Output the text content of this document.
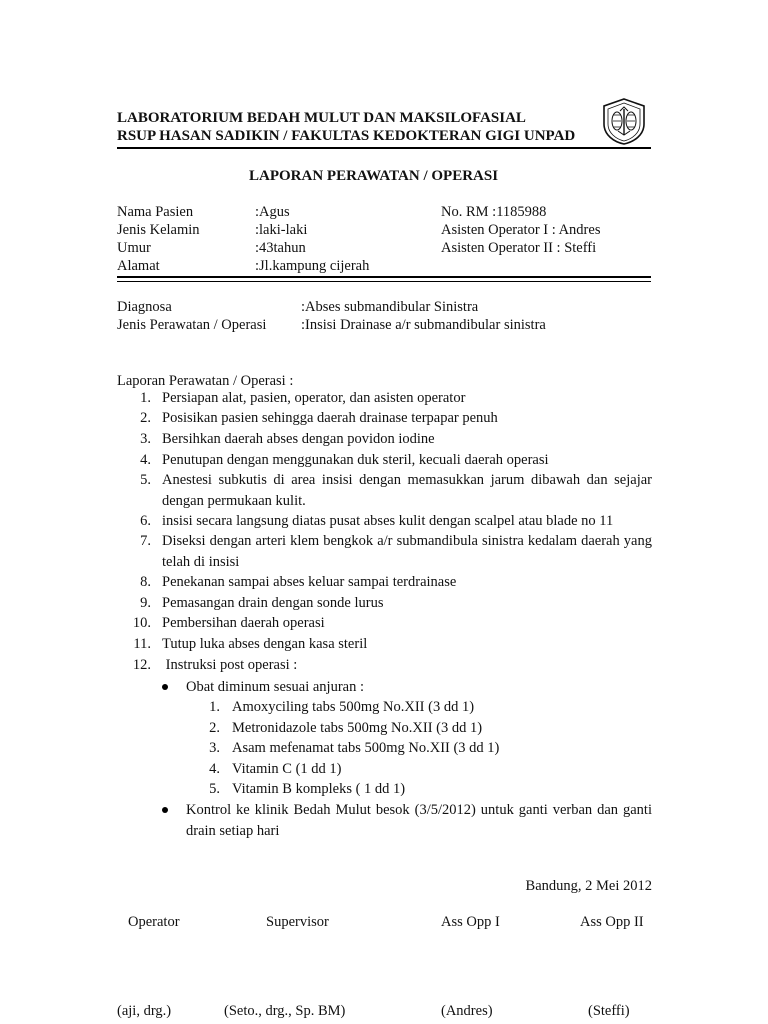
LABORATORIUM BEDAH MULUT DAN MAKSILOFASIAL
RSUP HASAN SADIKIN / FAKULTAS KEDOKTERAN GIGI UNPAD
LAPORAN PERAWATAN / OPERASI
Nama Pasien	:Agus	No. RM :1185988
Jenis Kelamin	:laki-laki	Asisten Operator I : Andres
Umur	:43tahun	Asisten Operator II : Steffi
Alamat	:Jl.kampung cijerah
Diagnosa	:Abses submandibular Sinistra
Jenis Perawatan / Operasi :Insisi Drainase a/r submandibular sinistra
Laporan Perawatan / Operasi :
1. Persiapan alat, pasien, operator, dan asisten operator
2. Posisikan pasien sehingga daerah drainase terpapar penuh
3. Bersihkan daerah abses dengan povidon iodine
4. Penutupan dengan menggunakan duk steril, kecuali daerah operasi
5. Anestesi subkutis di area insisi dengan memasukkan jarum dibawah dan sejajar dengan permukaan kulit.
6. insisi secara langsung diatas pusat abses kulit dengan scalpel atau blade no 11
7. Diseksi dengan arteri klem bengkok a/r submandibula sinistra kedalam daerah yang telah di insisi
8. Penekanan sampai abses keluar sampai terdrainase
9. Pemasangan drain dengan sonde lurus
10. Pembersihan daerah operasi
11. Tutup luka abses dengan kasa steril
12. Instruksi post operasi :
Obat diminum sesuai anjuran :
1. Amoxyciling tabs 500mg No.XII (3 dd 1)
2. Metronidazole tabs 500mg No.XII (3 dd 1)
3. Asam mefenamat tabs 500mg No.XII (3 dd 1)
4. Vitamin C (1 dd 1)
5. Vitamin B kompleks ( 1 dd 1)
Kontrol ke klinik Bedah Mulut besok (3/5/2012) untuk ganti verban dan ganti drain setiap hari
Bandung, 2 Mei 2012
Operator	Supervisor	Ass Opp I	Ass Opp II
(aji, drg.)	(Seto., drg., Sp. BM)	(Andres)	(Steffi)
